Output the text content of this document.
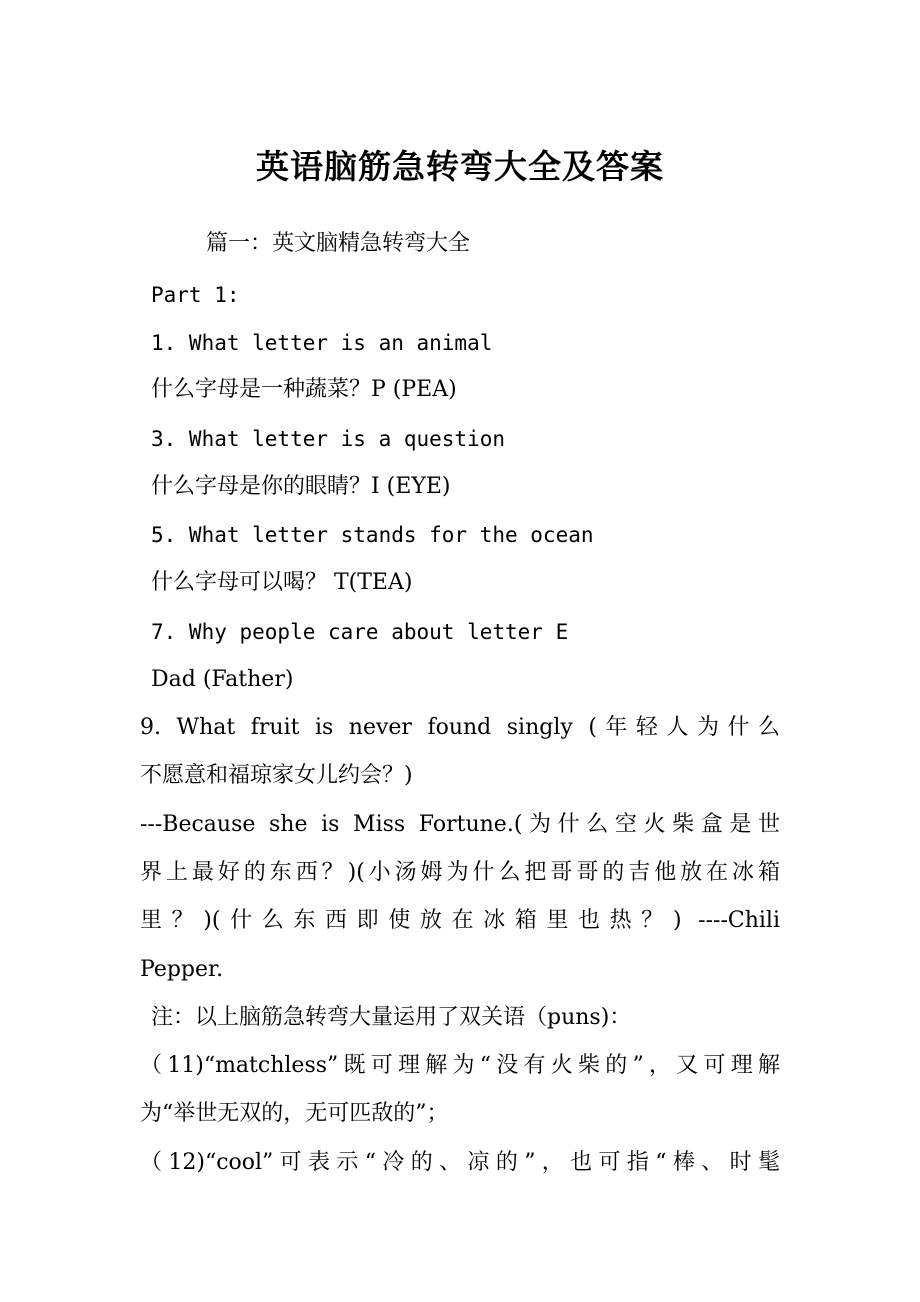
英语脑筋急转弯大全及答案
篇一：英文脑精急转弯大全
Part 1:
1. What letter is an animal
什么字母是一种蔬菜？P (PEA)
3. What letter is a question
什么字母是你的眼睛？I (EYE)
5. What letter stands for the ocean
什么字母可以喝？ T(TEA)
7. Why people care about letter E
Dad (Father)
9. What fruit is never found singly (年轻人为什么
不愿意和福琼家女儿约会？)
---Because she is Miss Fortune.(为什么空火柴盒是世
界上最好的东西？)(小汤姆为什么把哥哥的吉他放在冰箱
里？)(什么东西即使放在冰箱里也热？) ----Chili
Pepper.
注：以上脑筋急转弯大量运用了双关语（puns)：
（11)“matchless”既可理解为“没有火柴的”，又可理解
为“举世无双的，无可匹敌的”；
（12)“cool”可表示“冷的、凉的”，也可指“棒、时髦
